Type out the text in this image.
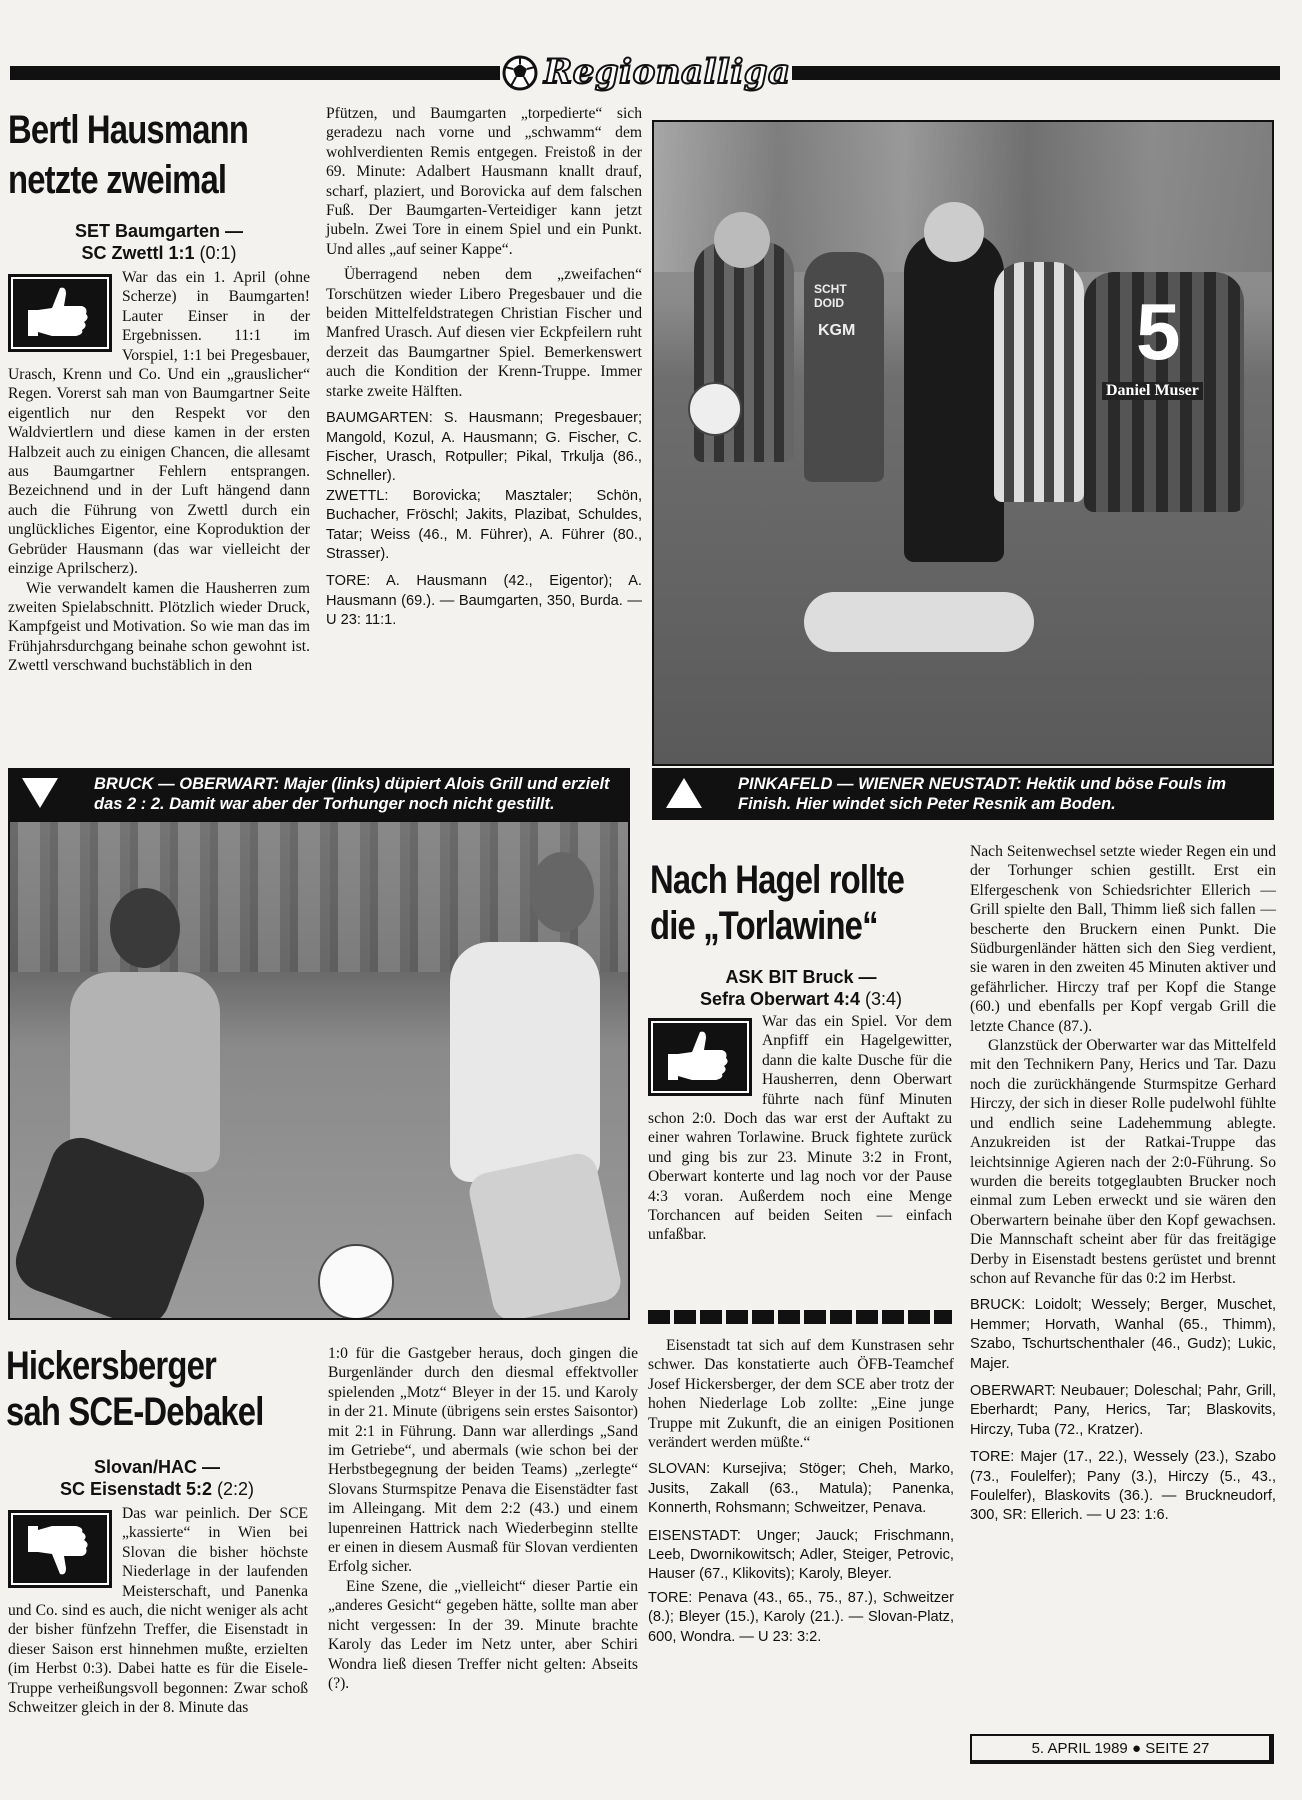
Regionalliga
Bertl Hausmann
netzte zweimal
SET Baumgarten —
SC Zwettl 1:1 (0:1)

War das ein 1. April (ohne Scherze) in Baumgarten! Lauter Einser in der Ergebnissen. 11:1 im Vorspiel, 1:1 bei Pregesbauer, Urasch, Krenn und Co. Und ein „grauslicher“ Regen. Vorerst sah man von Baumgartner Seite eigentlich nur den Respekt vor den Waldviertlern und diese kamen in der ersten Halbzeit auch zu einigen Chancen, die allesamt aus Baumgartner Fehlern entsprangen. Bezeichnend und in der Luft hängend dann auch die Führung von Zwettl durch ein unglückliches Eigentor, eine Koproduktion der Gebrüder Hausmann (das war vielleicht der einzige Aprilscherz).

Wie verwandelt kamen die Hausherren zum zweiten Spielabschnitt. Plötzlich wieder Druck, Kampfgeist und Motivation. So wie man das im Frühjahrsdurchgang beinahe schon gewohnt ist. Zwettl verschwand buchstäblich in den

Pfützen, und Baumgarten „torpedierte“ sich geradezu nach vorne und „schwamm“ dem wohlverdienten Remis entgegen. Freistoß in der 69. Minute: Adalbert Hausmann knallt drauf, scharf, plaziert, und Borovicka auf dem falschen Fuß. Der Baumgarten-Verteidiger kann jetzt jubeln. Zwei Tore in einem Spiel und ein Punkt. Und alles „auf seiner Kappe“.

Überragend neben dem „zweifachen“ Torschützen wieder Libero Pregesbauer und die beiden Mittelfeldstrategen Christian Fischer und Manfred Urasch. Auf diesen vier Eckpfeilern ruht derzeit das Baumgartner Spiel. Bemerkenswert auch die Kondition der Krenn-Truppe. Immer starke zweite Hälften.

BAUMGARTEN: S. Hausmann; Pregesbauer; Mangold, Kozul, A. Hausmann; G. Fischer, C. Fischer, Urasch, Rotpuller; Pikal, Trkulja (86., Schneller).
ZWETTL: Borovicka; Masztaler; Schön, Buchacher, Fröschl; Jakits, Plazibat, Schuldes, Tatar; Weiss (46., M. Führer), A. Führer (80., Strasser).
TORE: A. Hausmann (42., Eigentor); A. Hausmann (69.). — Baumgarten, 350, Burda. — U 23: 11:1.
5
Daniel Muser
KGM
SCHT DOID
BRUCK — OBERWART: Majer (links) düpiert Alois Grill und erzielt das 2 : 2. Damit war aber der Torhunger noch nicht gestillt.
PINKAFELD — WIENER NEUSTADT: Hektik und böse Fouls im Finish. Hier windet sich Peter Resnik am Boden.
Nach Hagel rollte
die „Torlawine“
ASK BIT Bruck —
Sefra Oberwart 4:4 (3:4)

War das ein Spiel. Vor dem Anpfiff ein Hagelgewitter, dann die kalte Dusche für die Hausherren, denn Oberwart führte nach fünf Minuten schon 2:0. Doch das war erst der Auftakt zu einer wahren Torlawine. Bruck fightete zurück und ging bis zur 23. Minute 3:2 in Front, Oberwart konterte und lag noch vor der Pause 4:3 voran. Außerdem noch eine Menge Torchancen auf beiden Seiten — einfach unfaßbar.

Nach Seitenwechsel setzte wieder Regen ein und der Torhunger schien gestillt. Erst ein Elfergeschenk von Schiedsrichter Ellerich — Grill spielte den Ball, Thimm ließ sich fallen — bescherte den Bruckern einen Punkt. Die Südburgenländer hätten sich den Sieg verdient, sie waren in den zweiten 45 Minuten aktiver und gefährlicher. Hirczy traf per Kopf die Stange (60.) und ebenfalls per Kopf vergab Grill die letzte Chance (87.).

Glanzstück der Oberwarter war das Mittelfeld mit den Technikern Pany, Herics und Tar. Dazu noch die zurückhängende Sturmspitze Gerhard Hirczy, der sich in dieser Rolle pudelwohl fühlte und endlich seine Ladehemmung ablegte. Anzukreiden ist der Ratkai-Truppe das leichtsinnige Agieren nach der 2:0-Führung. So wurden die bereits totgeglaubten Brucker noch einmal zum Leben erweckt und sie wären den Oberwartern beinahe über den Kopf gewachsen. Die Mannschaft scheint aber für das freitägige Derby in Eisenstadt bestens gerüstet und brennt schon auf Revanche für das 0:2 im Herbst.

BRUCK: Loidolt; Wessely; Berger, Muschet, Hemmer; Horvath, Wanhal (65., Thimm), Szabo, Tschurtschenthaler (46., Gudz); Lukic, Majer.
OBERWART: Neubauer; Doleschal; Pahr, Grill, Eberhardt; Pany, Herics, Tar; Blaskovits, Hirczy, Tuba (72., Kratzer).
TORE: Majer (17., 22.), Wessely (23.), Szabo (73., Foulelfer); Pany (3.), Hirczy (5., 43., Foulelfer), Blaskovits (36.). — Bruckneudorf, 300, SR: Ellerich. — U 23: 1:6.
Hickersberger
sah SCE-Debakel
Slovan/HAC —
SC Eisenstadt 5:2 (2:2)

Das war peinlich. Der SCE „kassierte“ in Wien bei Slovan die bisher höchste Niederlage in der laufenden Meisterschaft, und Panenka und Co. sind es auch, die nicht weniger als acht der bisher fünfzehn Treffer, die Eisenstadt in dieser Saison erst hinnehmen mußte, erzielten (im Herbst 0:3). Dabei hatte es für die Eisele-Truppe verheißungsvoll begonnen: Zwar schoß Schweitzer gleich in der 8. Minute das

1:0 für die Gastgeber heraus, doch gingen die Burgenländer durch den diesmal effektvoller spielenden „Motz“ Bleyer in der 15. und Karoly in der 21. Minute (übrigens sein erstes Saisontor) mit 2:1 in Führung. Dann war allerdings „Sand im Getriebe“, und abermals (wie schon bei der Herbstbegegnung der beiden Teams) „zerlegte“ Slovans Sturmspitze Penava die Eisenstädter fast im Alleingang. Mit dem 2:2 (43.) und einem lupenreinen Hattrick nach Wiederbeginn stellte er einen in diesem Ausmaß für Slovan verdienten Erfolg sicher.

Eine Szene, die „vielleicht“ dieser Partie ein „anderes Gesicht“ gegeben hätte, sollte man aber nicht vergessen: In der 39. Minute brachte Karoly das Leder im Netz unter, aber Schiri Wondra ließ diesen Treffer nicht gelten: Abseits (?).

Eisenstadt tat sich auf dem Kunstrasen sehr schwer. Das konstatierte auch ÖFB-Teamchef Josef Hickersberger, der dem SCE aber trotz der hohen Niederlage Lob zollte: „Eine junge Truppe mit Zukunft, die an einigen Positionen verändert werden müßte.“

SLOVAN: Kursejiva; Stöger; Cheh, Marko, Jusits, Zakall (63., Matula); Panenka, Konnerth, Rohsmann; Schweitzer, Penava.
EISENSTADT: Unger; Jauck; Frischmann, Leeb, Dwornikowitsch; Adler, Steiger, Petrovic, Hauser (67., Klikovits); Karoly, Bleyer.
TORE: Penava (43., 65., 75., 87.), Schweitzer (8.); Bleyer (15.), Karoly (21.). — Slovan-Platz, 600, Wondra. — U 23: 3:2.
5. APRIL 1989 ● SEITE 27
